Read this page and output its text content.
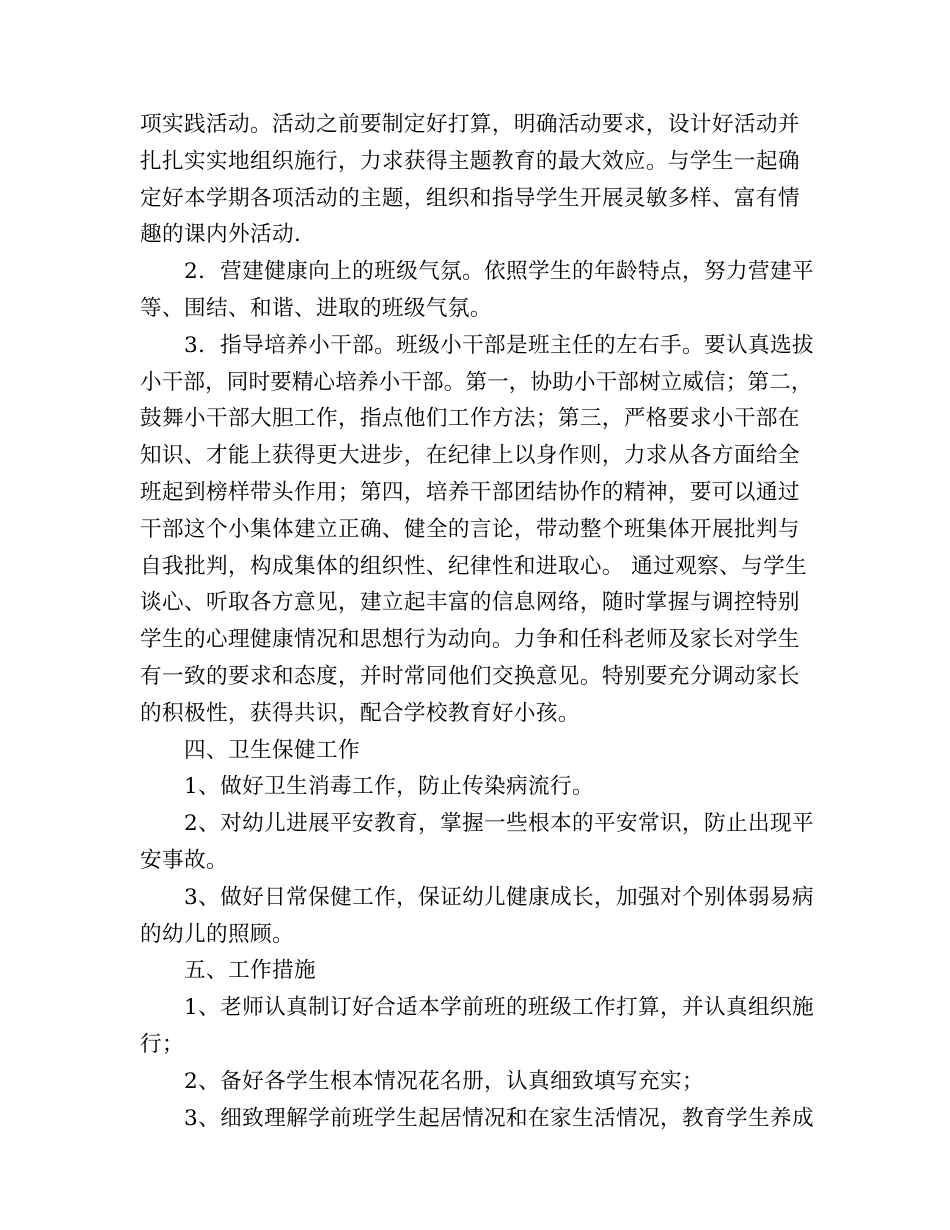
项实践活动。活动之前要制定好打算，明确活动要求，设计好活动并
扎扎实实地组织施行，力求获得主题教育的最大效应。与学生一起确
定好本学期各项活动的主题，组织和指导学生开展灵敏多样、富有情
趣的课内外活动.

2．营建健康向上的班级气氛。依照学生的年龄特点，努力营建平
等、围结、和谐、进取的班级气氛。

3．指导培养小干部。班级小干部是班主任的左右手。要认真选拔
小干部，同时要精心培养小干部。第一，协助小干部树立威信；第二，
鼓舞小干部大胆工作，指点他们工作方法；第三，严格要求小干部在
知识、才能上获得更大进步，在纪律上以身作则，力求从各方面给全
班起到榜样带头作用；第四，培养干部团结协作的精神，要可以通过
干部这个小集体建立正确、健全的言论，带动整个班集体开展批判与
自我批判，构成集体的组织性、纪律性和进取心。 通过观察、与学生
谈心、听取各方意见，建立起丰富的信息网络，随时掌握与调控特别
学生的心理健康情况和思想行为动向。力争和任科老师及家长对学生
有一致的要求和态度，并时常同他们交换意见。特别要充分调动家长
的积极性，获得共识，配合学校教育好小孩。

四、卫生保健工作

1、做好卫生消毒工作，防止传染病流行。

2、对幼儿进展平安教育，掌握一些根本的平安常识，防止出现平
安事故。

3、做好日常保健工作，保证幼儿健康成长，加强对个别体弱易病
的幼儿的照顾。

五、工作措施

1、老师认真制订好合适本学前班的班级工作打算，并认真组织施
行；

2、备好各学生根本情况花名册，认真细致填写充实；

3、细致理解学前班学生起居情况和在家生活情况，教育学生养成
